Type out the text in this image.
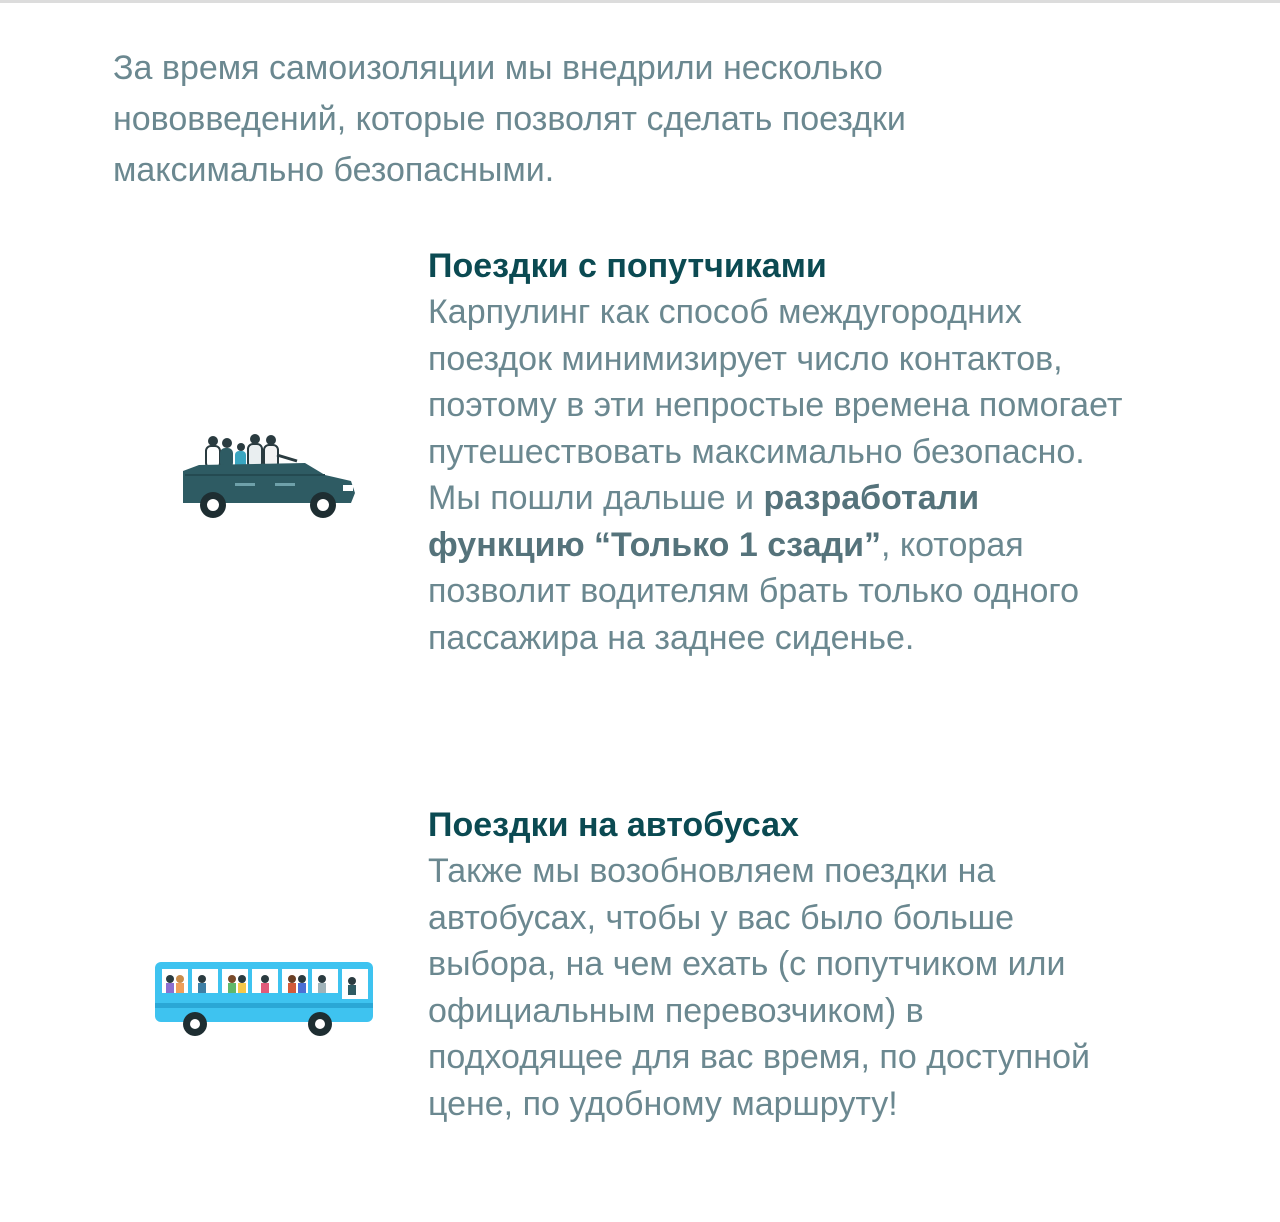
За время самоизоляции мы внедрили несколько нововведений, которые позволят сделать поездки максимально безопасными.

Поездки с попутчиками

Карпулинг как способ междугородних поездок минимизирует число контактов, поэтому в эти непростые времена помогает путешествовать максимально безопасно. Мы пошли дальше и разработали функцию “Только 1 сзади”, которая позволит водителям брать только одного пассажира на заднее сиденье.

Поездки на автобусах

Также мы возобновляем поездки на автобусах, чтобы у вас было больше выбора, на чем ехать (с попутчиком или официальным перевозчиком) в подходящее для вас время, по доступной цене, по удобному маршруту!
